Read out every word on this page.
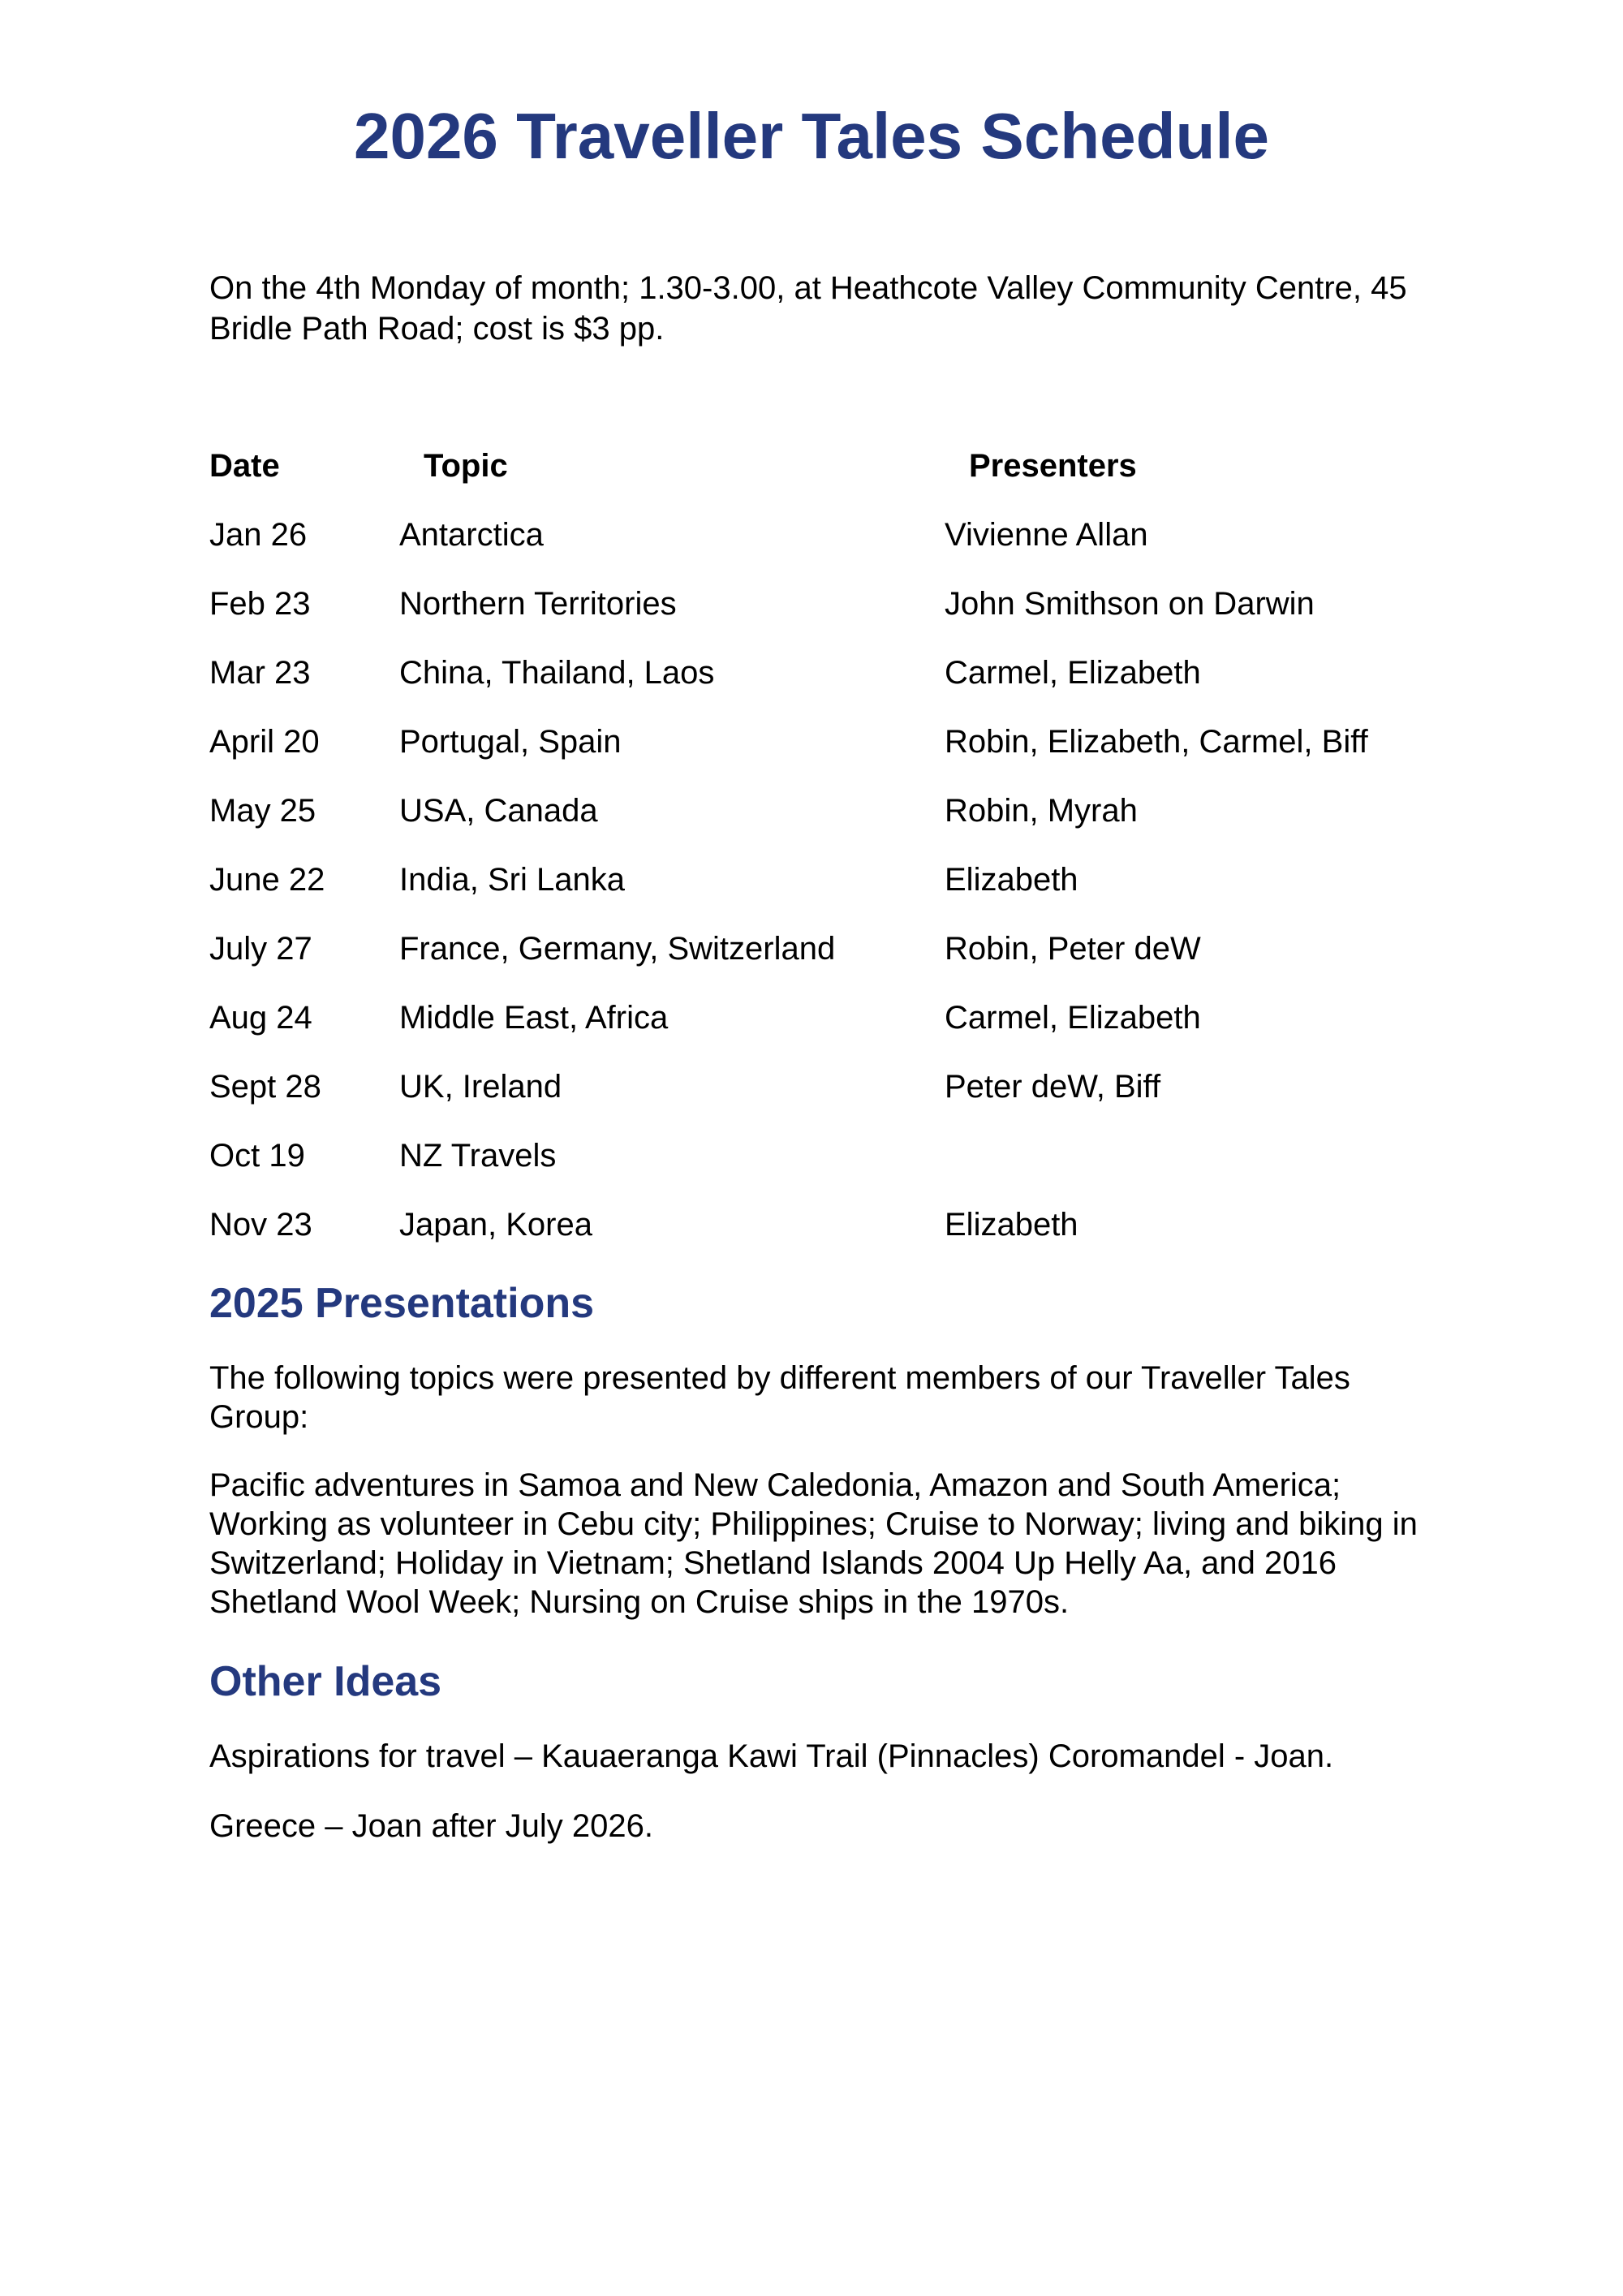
2026 Traveller Tales Schedule

On the 4th Monday of month; 1.30-3.00, at Heathcote Valley Community Centre, 45 Bridle Path Road; cost is $3 pp.

Date	Topic	Presenters
Jan 26	Antarctica	Vivienne Allan
Feb 23	Northern Territories	John Smithson on Darwin
Mar 23	China, Thailand, Laos	Carmel, Elizabeth
April 20 Portugal, Spain	Robin, Elizabeth, Carmel, Biff
May 25	USA, Canada	Robin, Myrah
June 22 India, Sri Lanka	Elizabeth
July 27	France, Germany, Switzerland	Robin, Peter deW
Aug 24	Middle East, Africa	Carmel, Elizabeth
Sept 28 UK, Ireland	Peter deW, Biff
Oct 19	NZ Travels
Nov 23	Japan, Korea	Elizabeth
2025 Presentations

The following topics were presented by different members of our Traveller Tales Group:

Pacific adventures in Samoa and New Caledonia, Amazon and South America; Working as volunteer in Cebu city; Philippines; Cruise to Norway; living and biking in Switzerland; Holiday in Vietnam; Shetland Islands 2004 Up Helly Aa, and 2016 Shetland Wool Week; Nursing on Cruise ships in the 1970s.

Other Ideas

Aspirations for travel – Kauaeranga Kawi Trail (Pinnacles) Coromandel - Joan.

Greece – Joan after July 2026.
